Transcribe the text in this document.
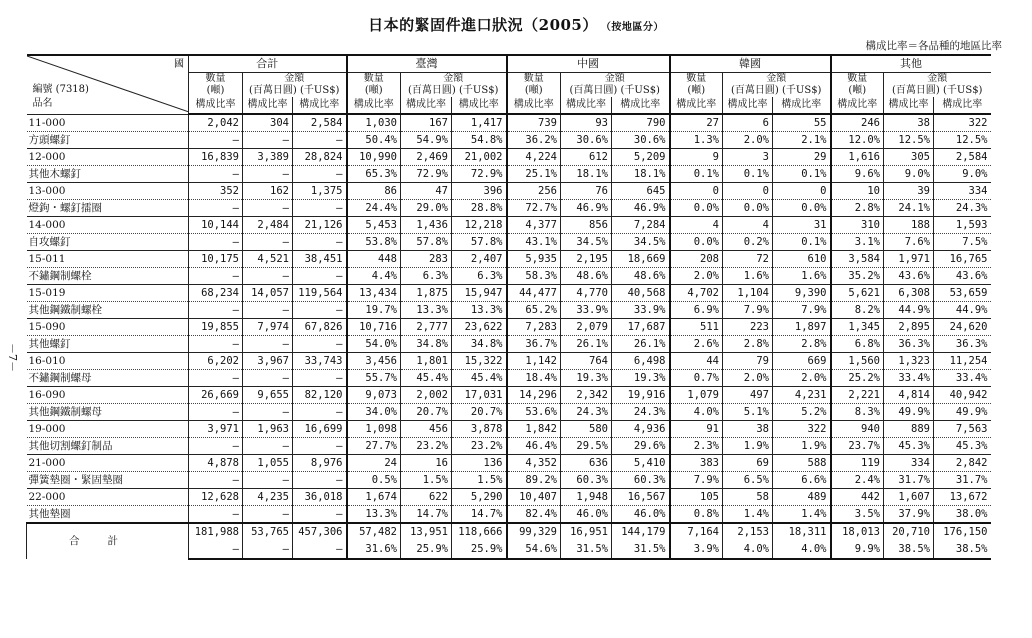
日本的緊固件進口狀況（2005） （按地區分）
構成比率＝各品種的地區比率
－7－
國
編號 (7318)
品名	合計			臺灣			中國			韓國			其他		

	數量
(噸)	金額
(百萬日圓) (千US$)		數量
(噸)	金額
(百萬日圓) (千US$)		數量
(噸)	金額
(百萬日圓) (千US$)		數量
(噸)	金額
(百萬日圓) (千US$)		數量
(噸)	金額
(百萬日圓) (千US$)	

	構成比率	構成比率	構成比率	構成比率	構成比率	構成比率	構成比率	構成比率	構成比率	構成比率	構成比率	構成比率	構成比率	構成比率	構成比率
11-000	2,042	304	2,584	1,030	167	1,417	739	93	790	27	6	55	246	38	322
方頭螺釘	—	—	—	50.4%	54.9%	54.8%	36.2%	30.6%	30.6%	1.3%	2.0%	2.1%	12.0%	12.5%	12.5%
12-000	16,839	3,389	28,824	10,990	2,469	21,002	4,224	612	5,209	9	3	29	1,616	305	2,584
其他木螺釘	—	—	—	65.3%	72.9%	72.9%	25.1%	18.1%	18.1%	0.1%	0.1%	0.1%	9.6%	9.0%	9.0%
13-000	352	162	1,375	86	47	396	256	76	645	0	0	0	10	39	334
燈鉤・螺釘擂圈	—	—	—	24.4%	29.0%	28.8%	72.7%	46.9%	46.9%	0.0%	0.0%	0.0%	2.8%	24.1%	24.3%
14-000	10,144	2,484	21,126	5,453	1,436	12,218	4,377	856	7,284	4	4	31	310	188	1,593
自攻螺釘	—	—	—	53.8%	57.8%	57.8%	43.1%	34.5%	34.5%	0.0%	0.2%	0.1%	3.1%	7.6%	7.5%
15-011	10,175	4,521	38,451	448	283	2,407	5,935	2,195	18,669	208	72	610	3,584	1,971	16,765
不鏽鋼制螺栓	—	—	—	4.4%	6.3%	6.3%	58.3%	48.6%	48.6%	2.0%	1.6%	1.6%	35.2%	43.6%	43.6%
15-019	68,234	14,057	119,564	13,434	1,875	15,947	44,477	4,770	40,568	4,702	1,104	9,390	5,621	6,308	53,659
其他鋼鐵制螺栓	—	—	—	19.7%	13.3%	13.3%	65.2%	33.9%	33.9%	6.9%	7.9%	7.9%	8.2%	44.9%	44.9%
15-090	19,855	7,974	67,826	10,716	2,777	23,622	7,283	2,079	17,687	511	223	1,897	1,345	2,895	24,620
其他螺釘	—	—	—	54.0%	34.8%	34.8%	36.7%	26.1%	26.1%	2.6%	2.8%	2.8%	6.8%	36.3%	36.3%
16-010	6,202	3,967	33,743	3,456	1,801	15,322	1,142	764	6,498	44	79	669	1,560	1,323	11,254
不鏽鋼制螺母	—	—	—	55.7%	45.4%	45.4%	18.4%	19.3%	19.3%	0.7%	2.0%	2.0%	25.2%	33.4%	33.4%
16-090	26,669	9,655	82,120	9,073	2,002	17,031	14,296	2,342	19,916	1,079	497	4,231	2,221	4,814	40,942
其他鋼鐵制螺母	—	—	—	34.0%	20.7%	20.7%	53.6%	24.3%	24.3%	4.0%	5.1%	5.2%	8.3%	49.9%	49.9%
19-000	3,971	1,963	16,699	1,098	456	3,878	1,842	580	4,936	91	38	322	940	889	7,563
其他切割螺釘制品	—	—	—	27.7%	23.2%	23.2%	46.4%	29.5%	29.6%	2.3%	1.9%	1.9%	23.7%	45.3%	45.3%
21-000	4,878	1,055	8,976	24	16	136	4,352	636	5,410	383	69	588	119	334	2,842
彈簧墊圈・緊固墊圈	—	—	—	0.5%	1.5%	1.5%	89.2%	60.3%	60.3%	7.9%	6.5%	6.6%	2.4%	31.7%	31.7%
22-000	12,628	4,235	36,018	1,674	622	5,290	10,407	1,948	16,567	105	58	489	442	1,607	13,672
其他墊圈	—	—	—	13.3%	14.7%	14.7%	82.4%	46.0%	46.0%	0.8%	1.4%	1.4%	3.5%	37.9%	38.0%
合計	181,988	53,765	457,306	57,482	13,951	118,666	99,329	16,951	144,179	7,164	2,153	18,311	18,013	20,710	176,150
	—	—	—	31.6%	25.9%	25.9%	54.6%	31.5%	31.5%	3.9%	4.0%	4.0%	9.9%	38.5%	38.5%
